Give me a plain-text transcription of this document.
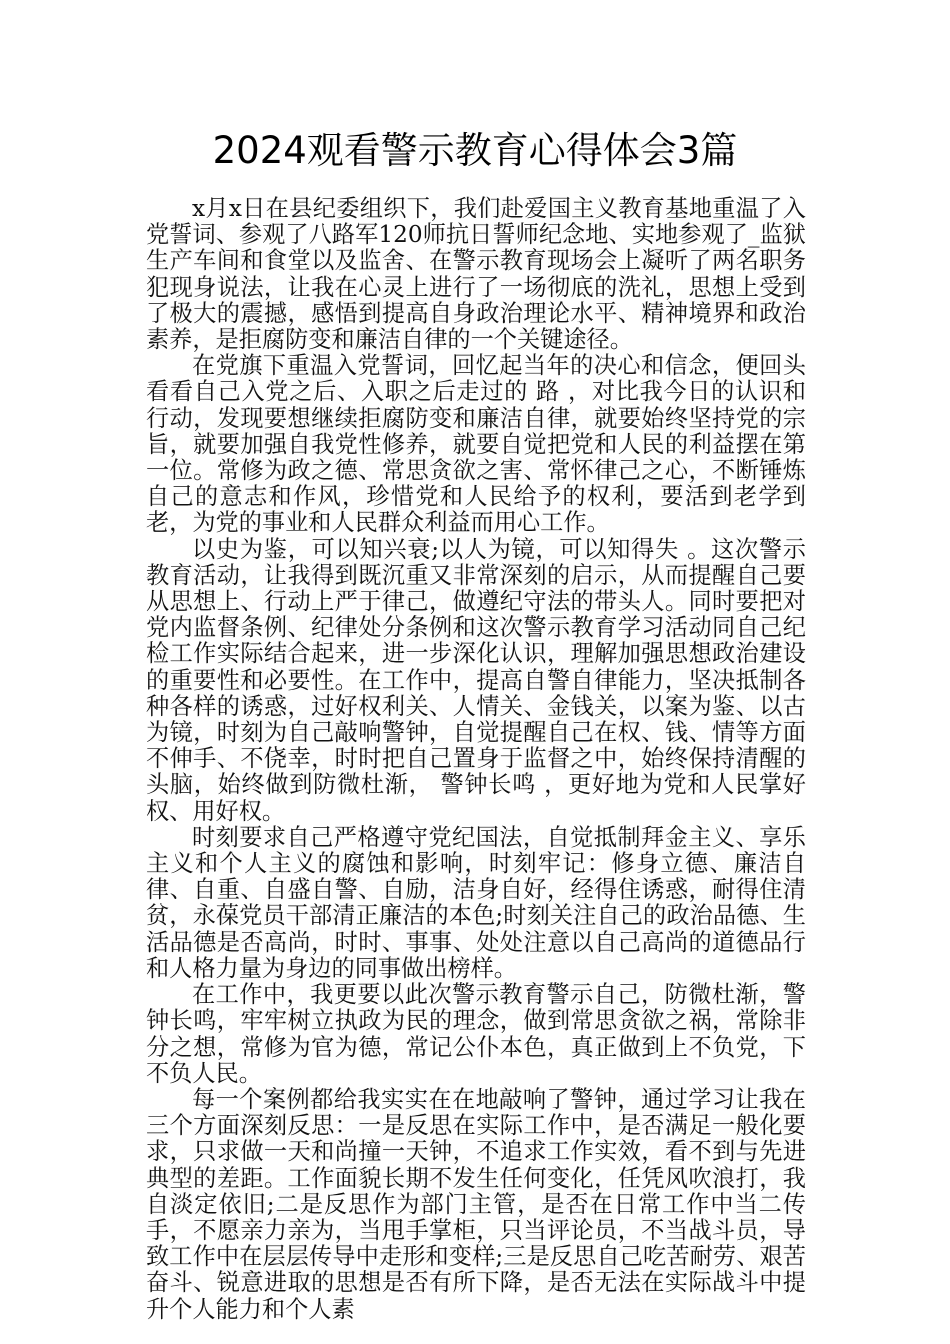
2024观看警示教育心得体会3篇

x月x日在县纪委组织下，我们赴爱国主义教育基地重温了入党誓词、参观了八路军120师抗日誓师纪念地、实地参观了_监狱生产车间和食堂以及监舍、在警示教育现场会上凝听了两名职务犯现身说法，让我在心灵上进行了一场彻底的洗礼，思想上受到了极大的震撼，感悟到提高自身政治理论水平、精神境界和政治素养，是拒腐防变和廉洁自律的一个关键途径。

在党旗下重温入党誓词，回忆起当年的决心和信念，便回头看看自己入党之后、入职之后走过的 路 ，对比我今日的认识和行动，发现要想继续拒腐防变和廉洁自律，就要始终坚持党的宗旨，就要加强自我党性修养，就要自觉把党和人民的利益摆在第一位。常修为政之德、常思贪欲之害、常怀律己之心，不断锤炼自己的意志和作风，珍惜党和人民给予的权利，要活到老学到老，为党的事业和人民群众利益而用心工作。

以史为鉴，可以知兴衰;以人为镜，可以知得失 。这次警示教育活动，让我得到既沉重又非常深刻的启示，从而提醒自己要从思想上、行动上严于律己，做遵纪守法的带头人。同时要把对党内监督条例、纪律处分条例和这次警示教育学习活动同自己纪检工作实际结合起来，进一步深化认识，理解加强思想政治建设的重要性和必要性。在工作中，提高自警自律能力，坚决抵制各种各样的诱惑，过好权利关、人情关、金钱关，以案为鉴、以古为镜，时刻为自己敲响警钟，自觉提醒自己在权、钱、情等方面不伸手、不侥幸，时时把自己置身于监督之中，始终保持清醒的头脑，始终做到防微杜渐， 警钟长鸣 ，更好地为党和人民掌好权、用好权。

时刻要求自己严格遵守党纪国法，自觉抵制拜金主义、享乐主义和个人主义的腐蚀和影响，时刻牢记：修身立德、廉洁自律、自重、自盛自警、自励，洁身自好，经得住诱惑，耐得住清贫，永葆党员干部清正廉洁的本色;时刻关注自己的政治品德、生活品德是否高尚，时时、事事、处处注意以自己高尚的道德品行和人格力量为身边的同事做出榜样。

在工作中，我更要以此次警示教育警示自己，防微杜渐，警钟长鸣，牢牢树立执政为民的理念，做到常思贪欲之祸，常除非分之想，常修为官为德，常记公仆本色，真正做到上不负党，下不负人民。

每一个案例都给我实实在在地敲响了警钟，通过学习让我在三个方面深刻反思：一是反思在实际工作中，是否满足一般化要求，只求做一天和尚撞一天钟，不追求工作实效，看不到与先进典型的差距。工作面貌长期不发生任何变化，任凭风吹浪打，我自淡定依旧;二是反思作为部门主管，是否在日常工作中当二传手，不愿亲力亲为，当甩手掌柜，只当评论员，不当战斗员，导致工作中在层层传导中走形和变样;三是反思自己吃苦耐劳、艰苦奋斗、锐意进取的思想是否有所下降，是否无法在实际战斗中提升个人能力和个人素
